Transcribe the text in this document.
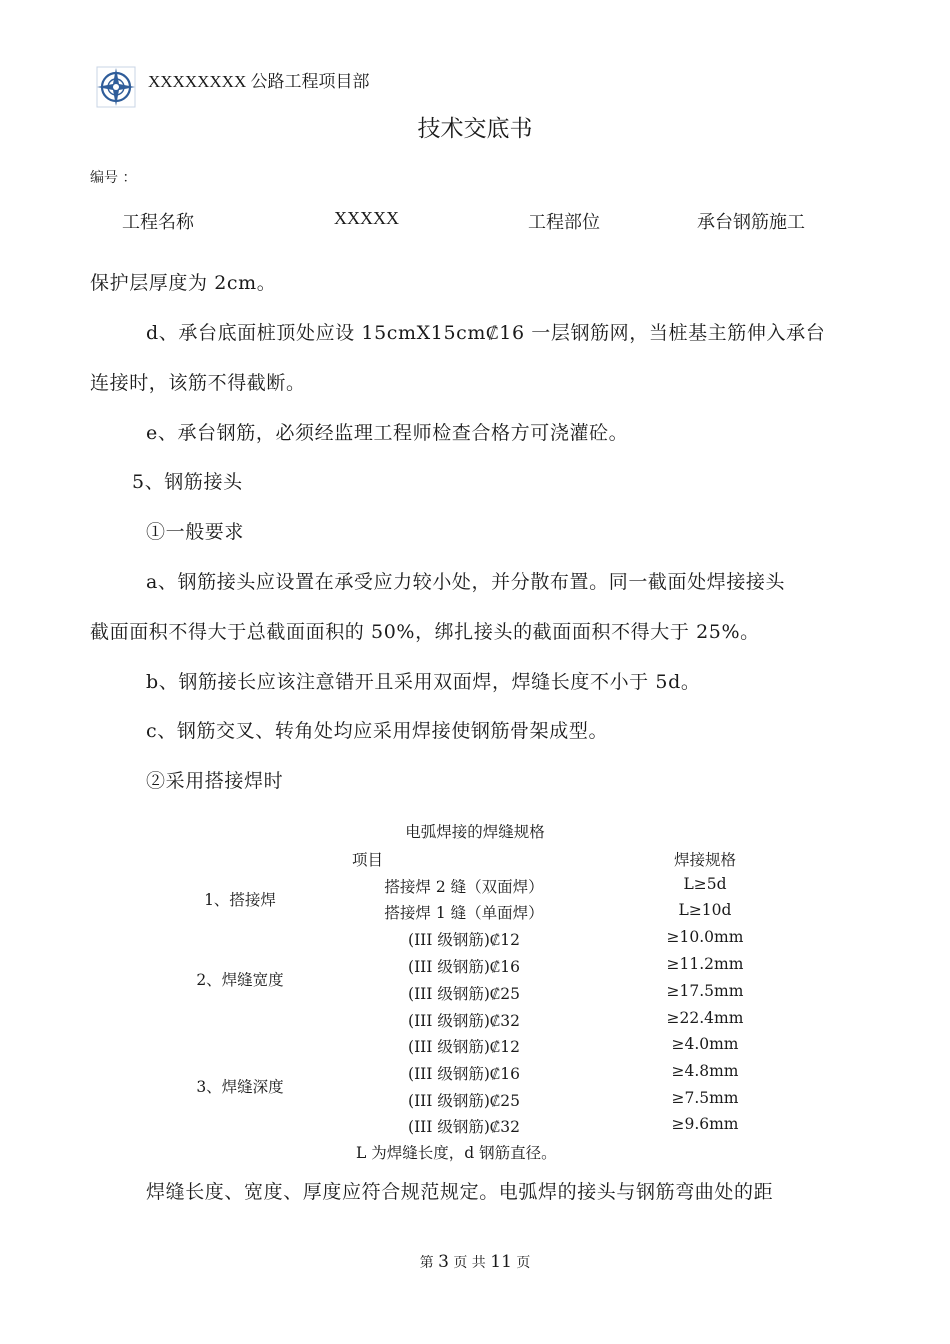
XXXXXXXX 公路工程项目部
技术交底书
编号 ：
工程名称	XXXXX	工程部位	承台钢筋施工
保护层厚度为 2cm。
d、承台底面桩顶处应设 15cmX15cm₡16 一层钢筋网，当桩基主筋伸入承台
连接时，该筋不得截断。
e、承台钢筋，必须经监理工程师检查合格方可浇灌砼。
5、钢筋接头
①一般要求
a、钢筋接头应设置在承受应力较小处，并分散布置。同一截面处焊接接头
截面面积不得大于总截面面积的 50%，绑扎接头的截面面积不得大于 25%。
b、钢筋接长应该注意错开且采用双面焊，焊缝长度不小于 5d。
c、钢筋交叉、转角处均应采用焊接使钢筋骨架成型。
②采用搭接焊时
电弧焊接的焊缝规格
项目	焊接规格
1、搭接焊
搭接焊 2 缝（双面焊）	L≥5d
搭接焊 1 缝（单面焊）	L≥10d
2、焊缝宽度
(III 级钢筋)₡12	≥10.0mm
(III 级钢筋)₡16	≥11.2mm
(III 级钢筋)₡25	≥17.5mm
(III 级钢筋)₡32	≥22.4mm
3、焊缝深度
(III 级钢筋)₡12	≥4.0mm
(III 级钢筋)₡16	≥4.8mm
(III 级钢筋)₡25	≥7.5mm
(III 级钢筋)₡32	≥9.6mm
L 为焊缝长度，d 钢筋直径。
焊缝长度、宽度、厚度应符合规范规定。电弧焊的接头与钢筋弯曲处的距
第 3 页 共 11 页
